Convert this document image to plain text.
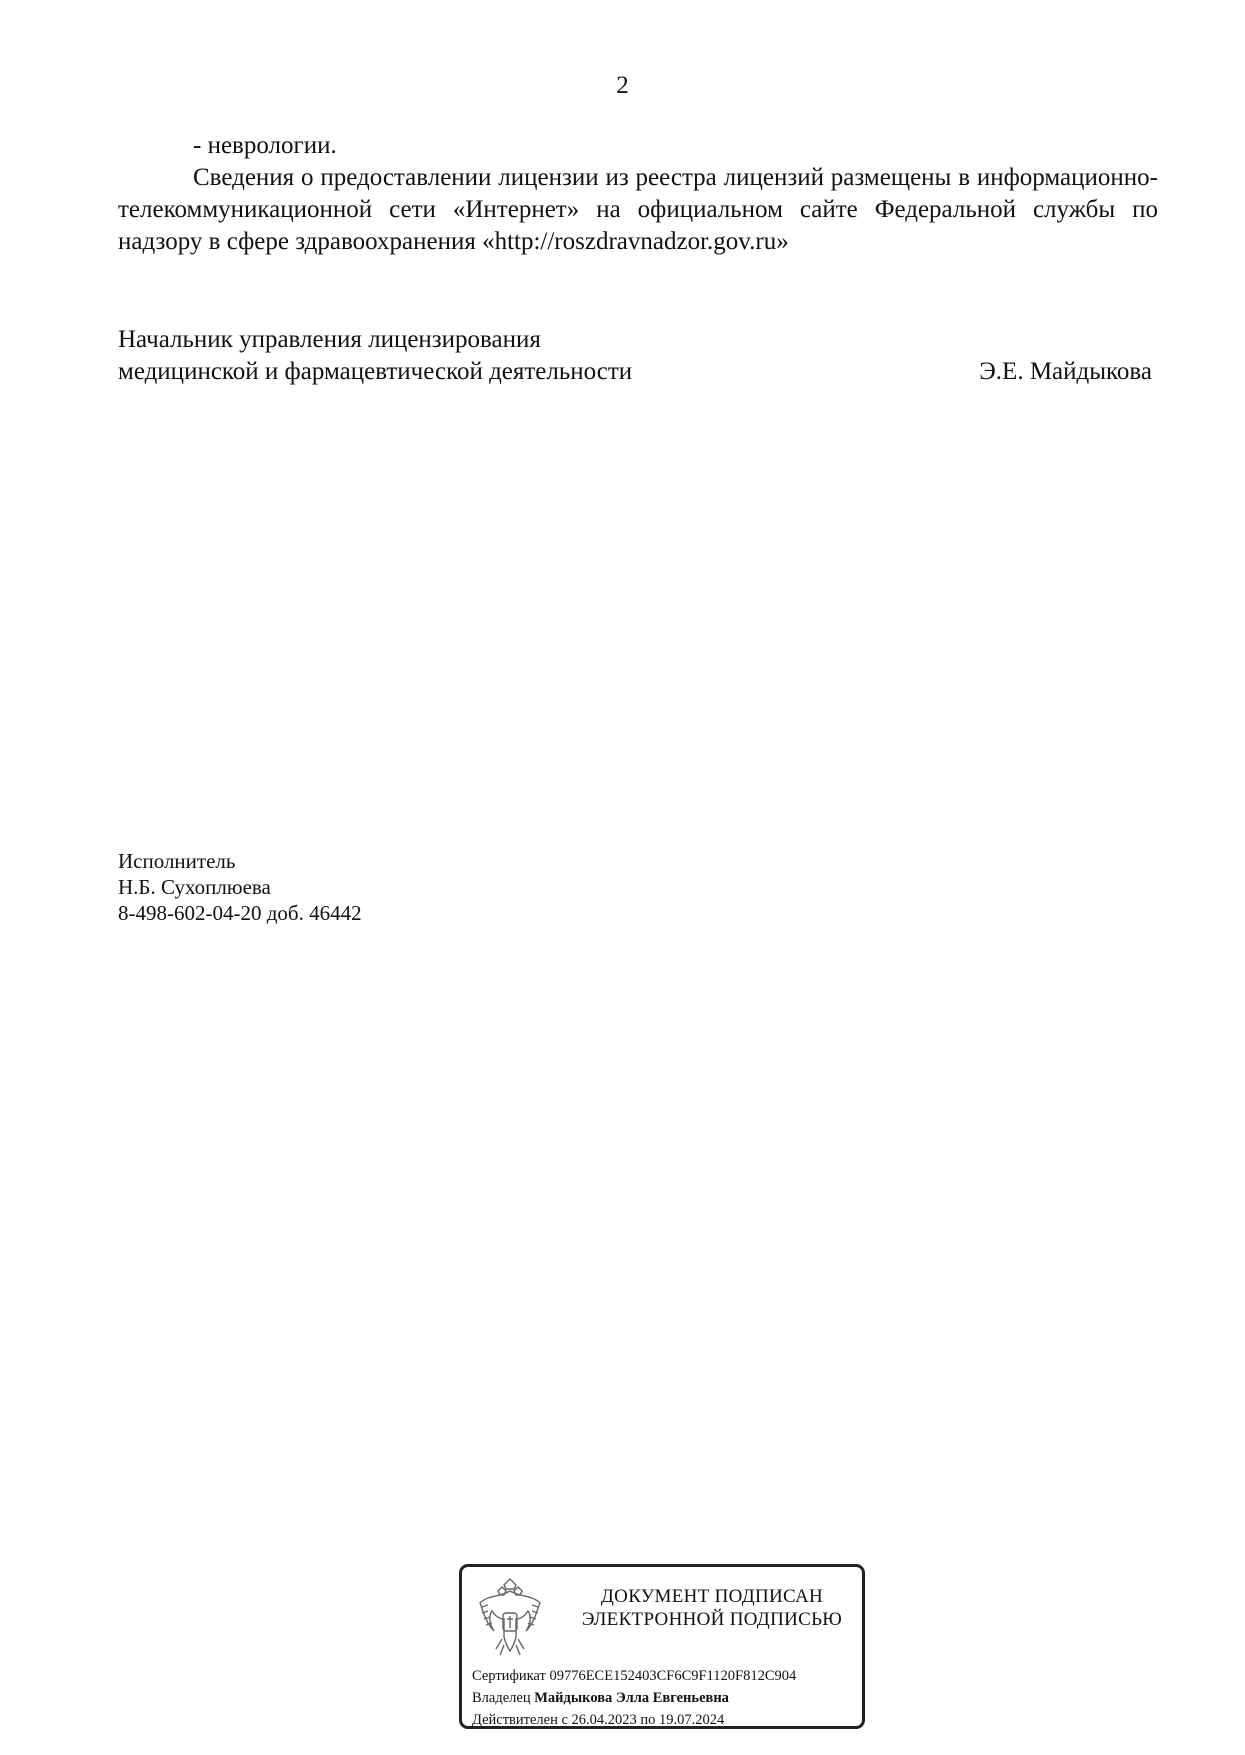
2
- неврологии.
Сведения о предоставлении лицензии из реестра лицензий размещены в информационно- телекоммуникационной сети «Интернет» на официальном сайте Федеральной службы по надзору в сфере здравоохранения «http://roszdravnadzor.gov.ru»
Начальник управления лицензирования
медицинской и фармацевтической деятельности	Э.Е. Майдыкова
Исполнитель
Н.Б. Сухоплюева
8-498-602-04-20 доб. 46442
ДОКУМЕНТ ПОДПИСАН
ЭЛЕКТРОННОЙ ПОДПИСЬЮ
Сертификат 09776ECE152403CF6C9F1120F812C904
Владелец Майдыкова Элла Евгеньевна
Действителен с 26.04.2023 по 19.07.2024
